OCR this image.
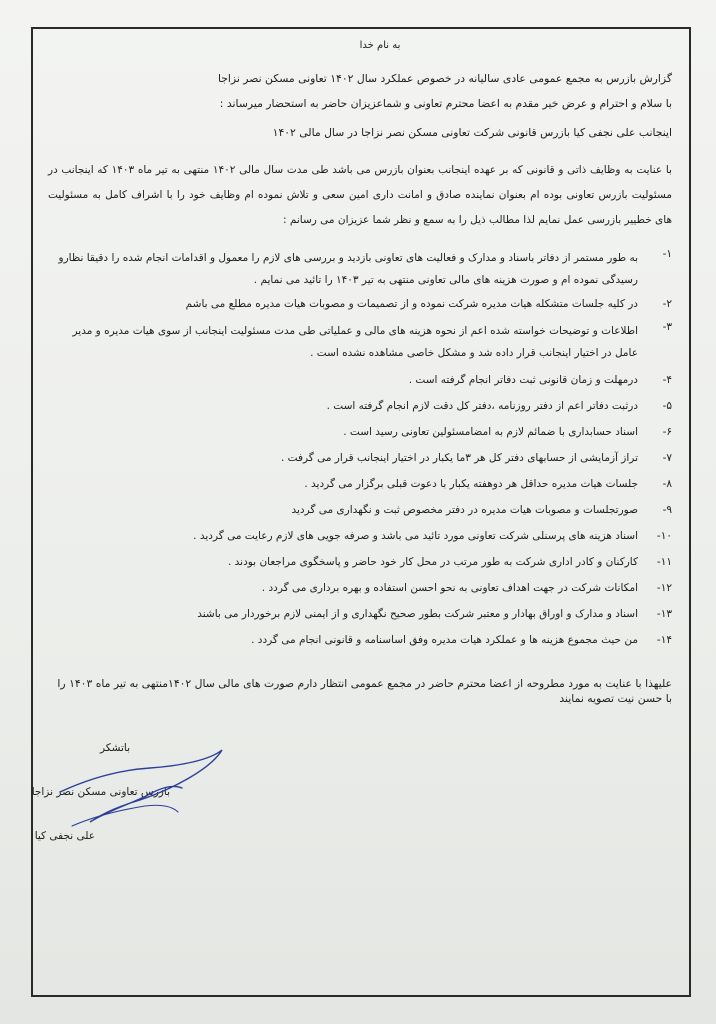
به نام خدا
گزارش بازرس به مجمع عمومی عادی سالیانه در خصوص عملکرد سال ۱۴۰۲ تعاونی مسکن نصر نزاجا
با سلام و احترام و عرض خیر مقدم به اعضا محترم تعاونی و شماعزیزان حاضر به استحضار میرساند :
اینجانب علی نجفی کیا بازرس قانونی شرکت تعاونی مسکن نصر نزاجا در سال مالی ۱۴۰۲
با عنایت به وظایف ذاتی و قانونی که بر عهده اینجانب بعنوان بازرس می باشد طی مدت سال مالی ۱۴۰۲ منتهی به تیر ماه ۱۴۰۳ که اینجانب در مسئولیت بازرس تعاونی بوده ام بعنوان نماینده صادق و امانت داری امین سعی و تلاش نموده ام وظایف خود را با اشراف کامل به مسئولیت های خطییر بازرسی عمل نمایم لذا مطالب ذیل را به سمع و نظر شما عزیزان می رسانم :
۱-
به طور مستمر از دفاتر باسناد و مدارک و فعالیت های تعاونی بازدید و بررسی های لازم را معمول و اقدامات انجام شده را دقیقا نظارو رسیدگی نموده ام و صورت هزینه های مالی تعاونی منتهی به تیر ۱۴۰۳ را تائید می نمایم .
۲-
در کلیه جلسات متشکله هیات مدیره شرکت نموده و از تصمیمات و مصوبات هیات مدیره مطلع می باشم
۳-
اطلاعات و توضیحات خواسته شده اعم از نحوه هزینه های مالی و عملیاتی طی مدت مسئولیت اینجانب از سوی هیات مدیره و مدیر عامل در اختیار اینجانب قرار داده شد و مشکل خاصی مشاهده نشده است .
۴-
درمهلت و زمان قانونی ثبت دفاتر انجام گرفته است .
۵-
درثبت دفاتر اعم از دفتر روزنامه ،دفتر کل دقت لازم انجام گرفته است .
۶-
اسناد حسابداری با ضمائم لازم به امضامسئولین تعاونی رسید است .
۷-
تراز آزمایشی از حسابهای دفتر کل هر ۳ما یکبار در اختیار اینجانب قرار می گرفت .
۸-
جلسات هیات مدیره حداقل هر دوهفته یکبار با دعوت قبلی برگزار می گردید .
۹-
صورتجلسات و مصوبات هیات مدیره در دفتر مخصوص ثبت و نگهداری می گردید
۱۰-
اسناد هزینه های پرسنلی شرکت تعاونی مورد تائید می باشد و صرفه جویی های لازم رعایت می گردید .
۱۱-
کارکنان و کادر اداری شرکت به طور مرتب در محل کار خود حاضر و پاسخگوی مراجعان بودند .
۱۲-
امکانات شرکت در جهت اهداف تعاونی به نحو احسن استفاده و بهره برداری می گردد .
۱۳-
اسناد و مدارک و اوراق بهادار و معتبر شرکت بطور صحیح نگهداری و از ایمنی لازم برخوردار می باشند
۱۴-
من حیث مجموع هزینه ها و عملکرد هیات مدیره وفق اساسنامه و قانونی انجام می گردد .
علیهذا با عنایت به مورد مطروحه از اعضا محترم حاضر در مجمع عمومی انتظار دارم صورت های مالی سال ۱۴۰۲منتهی به تیر ماه ۱۴۰۳ را با حسن نیت تصویه نمایند
باتشکر
بازرس تعاونی مسکن نصر نزاجا
علی نجفی کیا
